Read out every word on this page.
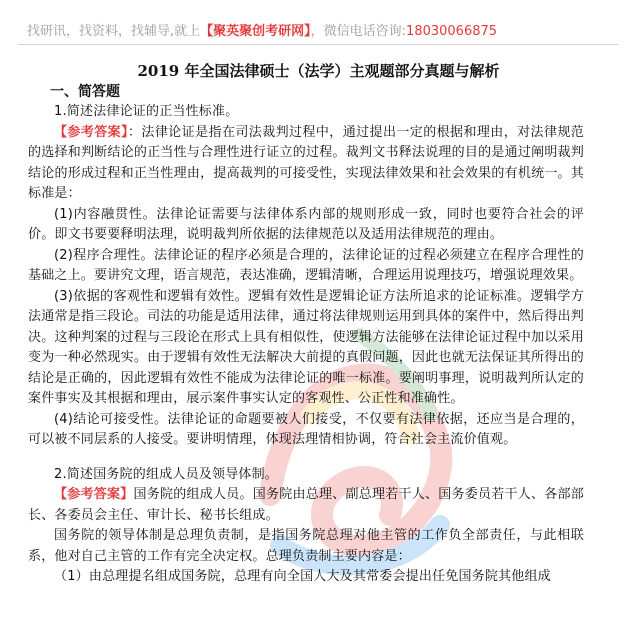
找研讯，找资料，找辅导,就上【聚英聚创考研网】，微信电话咨询:18030066875
2019 年全国法律硕士（法学）主观题部分真题与解析
一、简答题

1.简述法律论证的正当性标准。

【参考答案】：法律论证是指在司法裁判过程中，通过提出一定的根据和理由，对法律规范的选择和判断结论的正当性与合理性进行证立的过程。裁判文书释法说理的目的是通过阐明裁判结论的形成过程和正当性理由，提高裁判的可接受性，实现法律效果和社会效果的有机统一。其标准是：

(1)内容融贯性。法律论证需要与法律体系内部的规则形成一致，同时也要符合社会的评价。即文书要要释明法理，说明裁判所依据的法律规范以及适用法律规范的理由。

(2)程序合理性。法律论证的程序必须是合理的，法律论证的过程必须建立在程序合理性的基础之上。要讲究文理，语言规范，表达准确，逻辑清晰，合理运用说理技巧，增强说理效果。

(3)依据的客观性和逻辑有效性。逻辑有效性是逻辑论证方法所追求的论证标准。逻辑学方法通常是指三段论。司法的功能是适用法律，通过将法律规则运用到具体的案件中，然后得出判决。这种判案的过程与三段论在形式上具有相似性，使逻辑方法能够在法律论证过程中加以采用变为一种必然现实。由于逻辑有效性无法解决大前提的真假问题，因此也就无法保证其所得出的结论是正确的，因此逻辑有效性不能成为法律论证的唯一标准。要阐明事理，说明裁判所认定的案件事实及其根据和理由，展示案件事实认定的客观性、公正性和准确性。

(4)结论可接受性。法律论证的命题要被人们接受，不仅要有法律依据，还应当是合理的，可以被不同层系的人接受。要讲明情理，体现法理情相协调，符合社会主流价值观。

2.简述国务院的组成人员及领导体制。

【参考答案】国务院的组成人员。国务院由总理、副总理若干人、国务委员若干人、各部部长、各委员会主任、审计长、秘书长组成。

国务院的领导体制是总理负责制，是指国务院总理对他主管的工作负全部责任，与此相联系，他对自己主管的工作有完全决定权。总理负责制主要内容是：

（1）由总理提名组成国务院，总理有向全国人大及其常委会提出任免国务院其他组成
